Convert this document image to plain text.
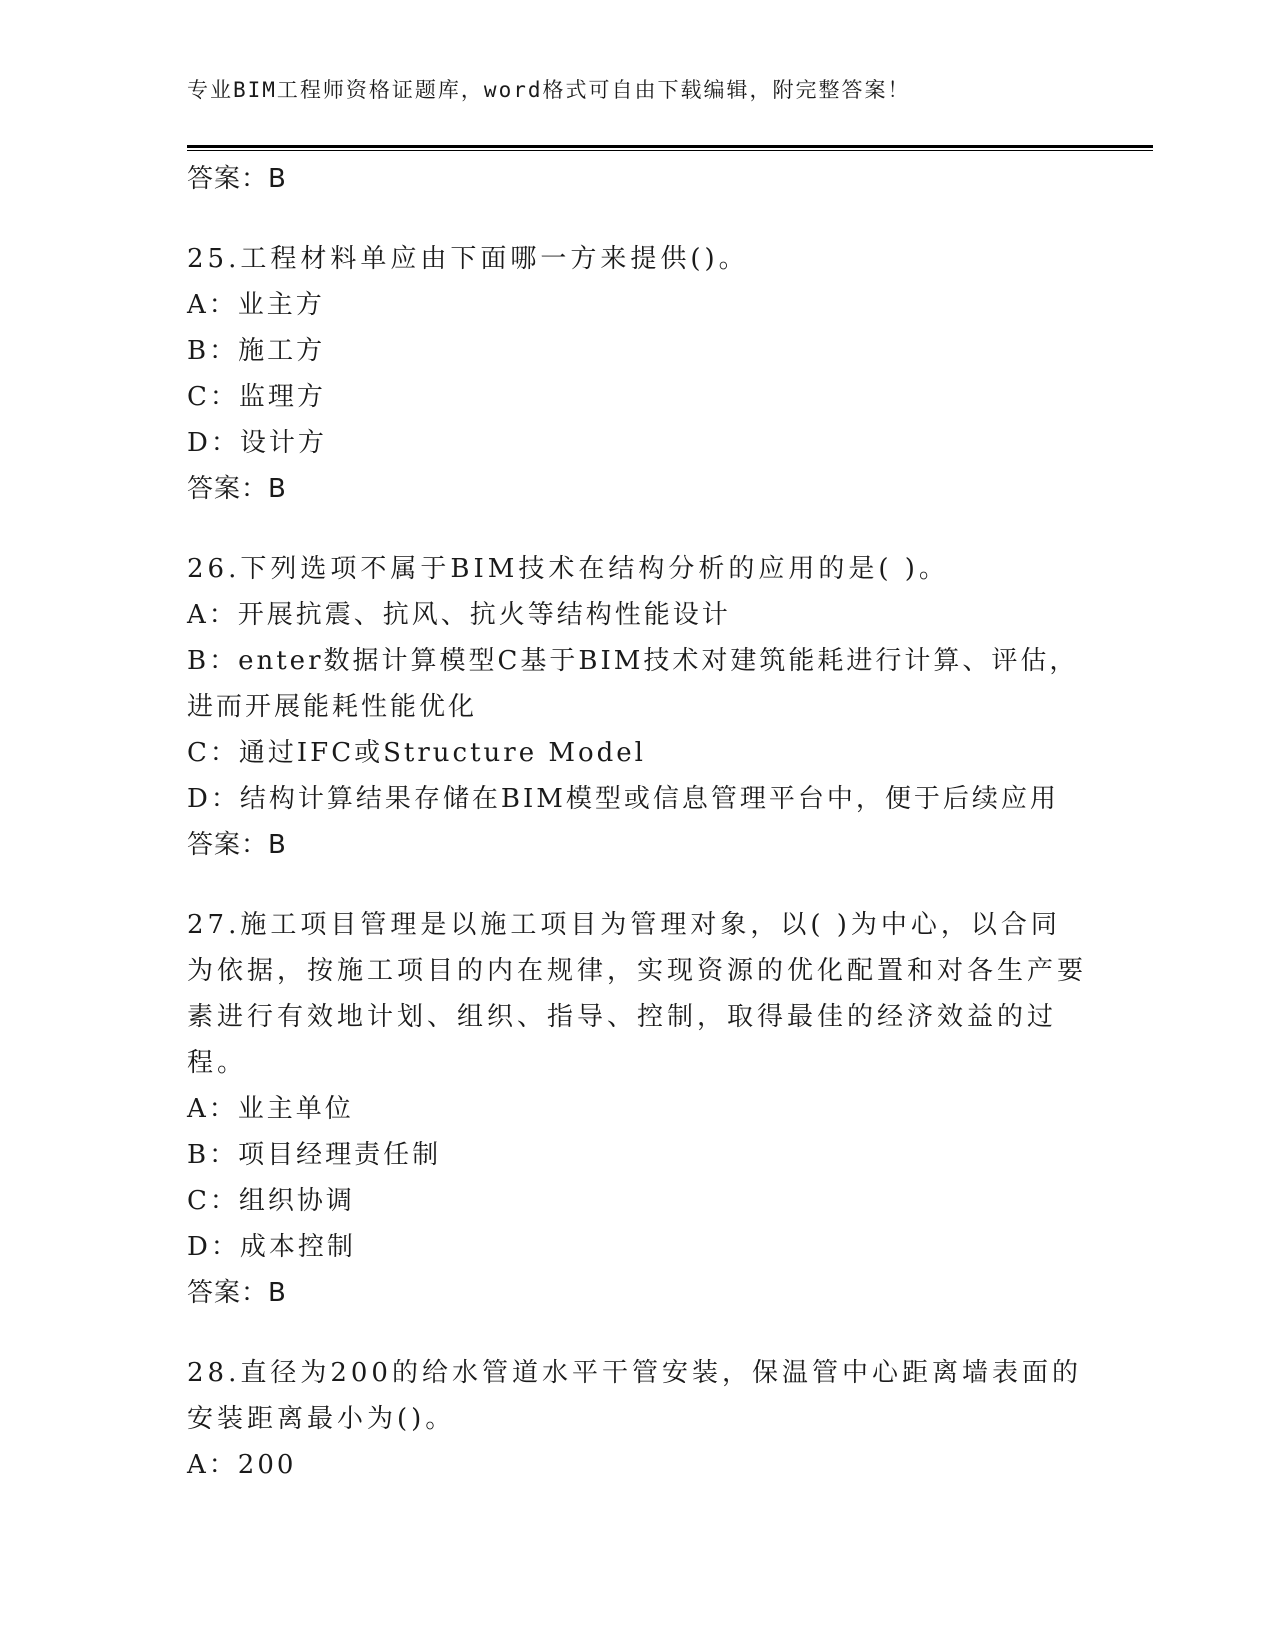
专业BIM工程师资格证题库，word格式可自由下载编辑，附完整答案！
答案：B
25.工程材料单应由下面哪一方来提供()。
A：业主方
B：施工方
C：监理方
D：设计方
答案：B
26.下列选项不属于BIM技术在结构分析的应用的是( )。
A：开展抗震、抗风、抗火等结构性能设计
B：enter数据计算模型C基于BIM技术对建筑能耗进行计算、评估，进而开展能耗性能优化
C：通过IFC或Structure Model
D：结构计算结果存储在BIM模型或信息管理平台中，便于后续应用
答案：B
27.施工项目管理是以施工项目为管理对象，以( )为中心，以合同为依据，按施工项目的内在规律，实现资源的优化配置和对各生产要素进行有效地计划、组织、指导、控制，取得最佳的经济效益的过程。
A：业主单位
B：项目经理责任制
C：组织协调
D：成本控制
答案：B
28.直径为200的给水管道水平干管安装，保温管中心距离墙表面的安装距离最小为()。
A：200
